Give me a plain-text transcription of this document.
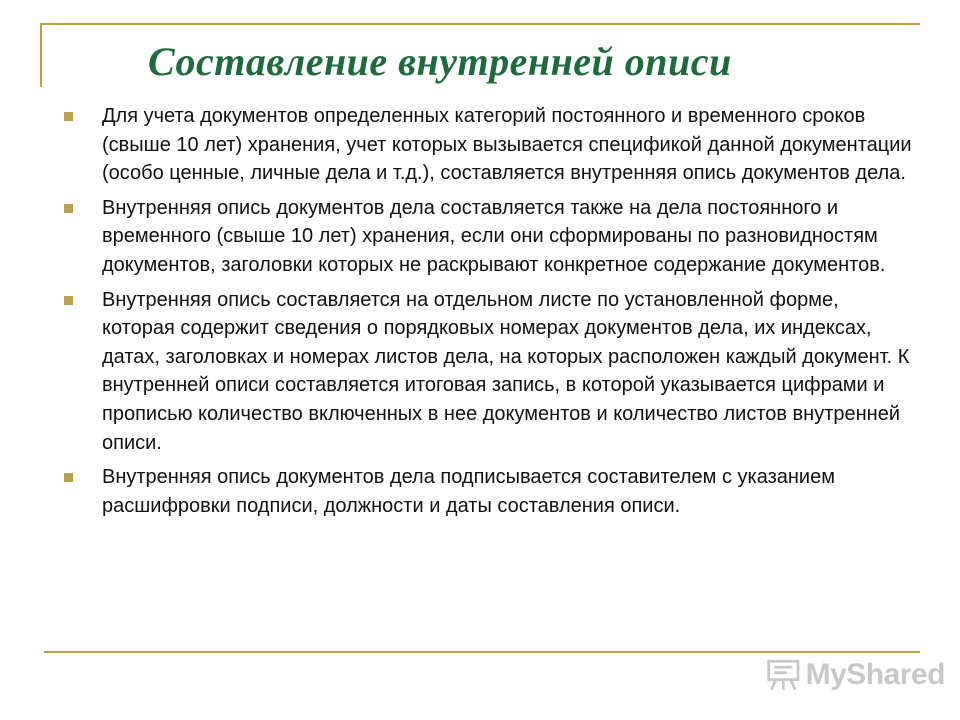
Составление внутренней описи
Для учета документов определенных категорий постоянного и временного сроков (свыше 10 лет) хранения, учет которых вызывается спецификой данной документации (особо ценные, личные дела и т.д.), составляется внутренняя опись документов дела.
Внутренняя опись документов дела составляется также на дела постоянного и временного (свыше 10 лет) хранения, если они сформированы по разновидностям документов, заголовки которых не раскрывают конкретное содержание документов.
Внутренняя опись составляется на отдельном листе по установленной форме, которая содержит сведения о порядковых номерах документов дела, их индексах, датах, заголовках и номерах листов дела, на которых расположен каждый документ. К внутренней описи составляется итоговая запись, в которой указывается цифрами и прописью количество включенных в нее документов и количество листов внутренней описи.
Внутренняя опись документов дела подписывается составителем с указанием расшифровки подписи, должности и даты составления описи.
MyShared
